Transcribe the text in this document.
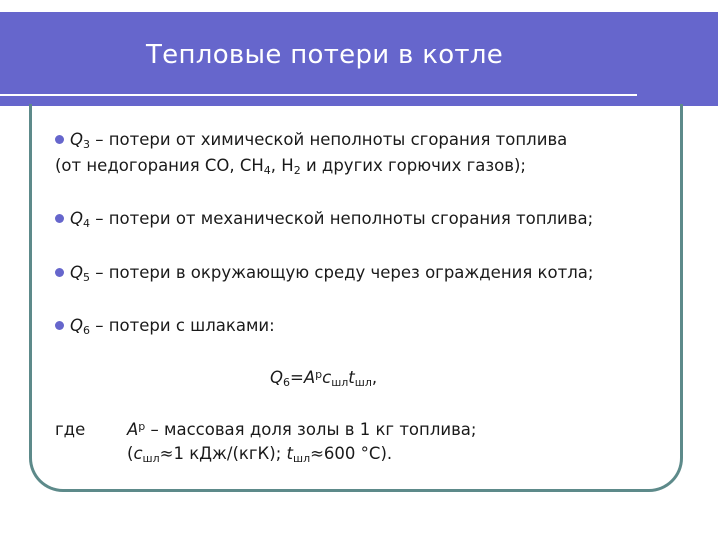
Тепловые потери в котле
$Q_3$ – потери от химической неполноты сгорания топлива
(от недогорания СО, $СН_4$, $Н_2$ и других горючих газов);
$Q_4$ – потери от механической неполноты сгорания топлива;
$Q_5$ – потери в окружающую среду через ограждения котла;
$Q_6$ – потери с шлаками:
$Q_6=A^pc_{шл}t_{шл}$,
где	$A^p$ – массовая доля золы в 1 кг топлива;
($c_{шл}\approx 1$ кДж/(кгК); $t_{шл}\approx 600$ °С).
